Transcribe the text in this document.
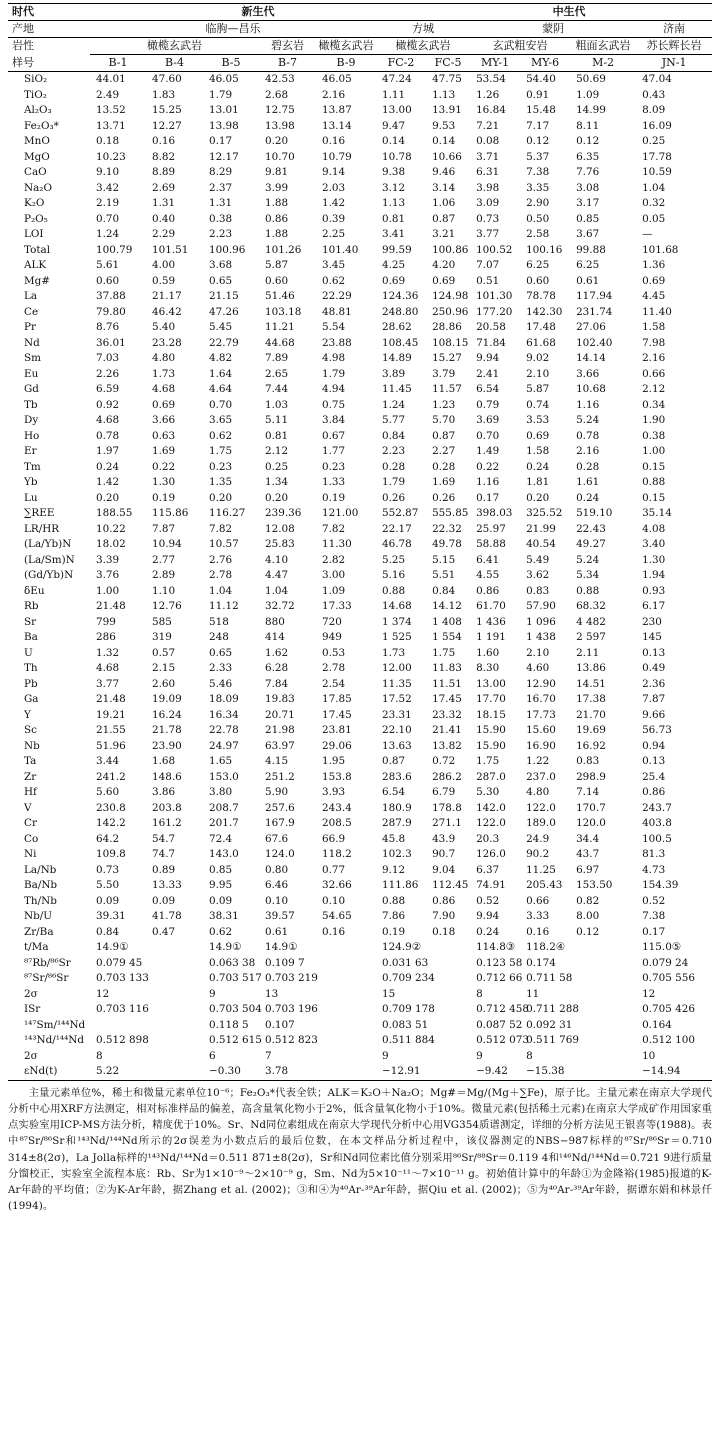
时代	新生代						中生代				
产地	临朐—昌乐					方城		蒙阴			济南
岩性	橄榄玄武岩			碧玄岩	橄榄玄武岩	橄榄玄武岩		玄武粗安岩		粗面玄武岩	苏长辉长岩
样号	B-1	B-4	B-5	B-7	B-9	FC-2	FC-5	MY-1	MY-6	M-2	JN-1
SiO₂	44.01	47.60	46.05	42.53	46.05	47.24	47.75	53.54	54.40	50.69	47.04
TiO₂	2.49	1.83	1.79	2.68	2.16	1.11	1.13	1.26	0.91	1.09	0.43
Al₂O₃	13.52	15.25	13.01	12.75	13.87	13.00	13.91	16.84	15.48	14.99	8.09
Fe₂O₃*	13.71	12.27	13.98	13.98	13.14	9.47	9.53	7.21	7.17	8.11	16.09
MnO	0.18	0.16	0.17	0.20	0.16	0.14	0.14	0.08	0.12	0.12	0.25
MgO	10.23	8.82	12.17	10.70	10.79	10.78	10.66	3.71	5.37	6.35	17.78
CaO	9.10	8.89	8.29	9.81	9.14	9.38	9.46	6.31	7.38	7.76	10.59
Na₂O	3.42	2.69	2.37	3.99	2.03	3.12	3.14	3.98	3.35	3.08	1.04
K₂O	2.19	1.31	1.31	1.88	1.42	1.13	1.06	3.09	2.90	3.17	0.32
P₂O₅	0.70	0.40	0.38	0.86	0.39	0.81	0.87	0.73	0.50	0.85	0.05
LOI	1.24	2.29	2.23	1.88	2.25	3.41	3.21	3.77	2.58	3.67	—
Total	100.79	101.51	100.96	101.26	101.40	99.59	100.86	100.52	100.16	99.88	101.68
ALK	5.61	4.00	3.68	5.87	3.45	4.25	4.20	7.07	6.25	6.25	1.36
Mg#	0.60	0.59	0.65	0.60	0.62	0.69	0.69	0.51	0.60	0.61	0.69
La	37.88	21.17	21.15	51.46	22.29	124.36	124.98	101.30	78.78	117.94	4.45
Ce	79.80	46.42	47.26	103.18	48.81	248.80	250.96	177.20	142.30	231.74	11.40
Pr	8.76	5.40	5.45	11.21	5.54	28.62	28.86	20.58	17.48	27.06	1.58
Nd	36.01	23.28	22.79	44.68	23.88	108.45	108.15	71.84	61.68	102.40	7.98
Sm	7.03	4.80	4.82	7.89	4.98	14.89	15.27	9.94	9.02	14.14	2.16
Eu	2.26	1.73	1.64	2.65	1.79	3.89	3.79	2.41	2.10	3.66	0.66
Gd	6.59	4.68	4.64	7.44	4.94	11.45	11.57	6.54	5.87	10.68	2.12
Tb	0.92	0.69	0.70	1.03	0.75	1.24	1.23	0.79	0.74	1.16	0.34
Dy	4.68	3.66	3.65	5.11	3.84	5.77	5.70	3.69	3.53	5.24	1.90
Ho	0.78	0.63	0.62	0.81	0.67	0.84	0.87	0.70	0.69	0.78	0.38
Er	1.97	1.69	1.75	2.12	1.77	2.23	2.27	1.49	1.58	2.16	1.00
Tm	0.24	0.22	0.23	0.25	0.23	0.28	0.28	0.22	0.24	0.28	0.15
Yb	1.42	1.30	1.35	1.34	1.33	1.79	1.69	1.16	1.81	1.61	0.88
Lu	0.20	0.19	0.20	0.20	0.19	0.26	0.26	0.17	0.20	0.24	0.15
∑REE	188.55	115.86	116.27	239.36	121.00	552.87	555.85	398.03	325.52	519.10	35.14
LR/HR	10.22	7.87	7.82	12.08	7.82	22.17	22.32	25.97	21.99	22.43	4.08
(La/Yb)N	18.02	10.94	10.57	25.83	11.30	46.78	49.78	58.88	40.54	49.27	3.40
(La/Sm)N	3.39	2.77	2.76	4.10	2.82	5.25	5.15	6.41	5.49	5.24	1.30
(Gd/Yb)N	3.76	2.89	2.78	4.47	3.00	5.16	5.51	4.55	3.62	5.34	1.94
δEu	1.00	1.10	1.04	1.04	1.09	0.88	0.84	0.86	0.83	0.88	0.93
Rb	21.48	12.76	11.12	32.72	17.33	14.68	14.12	61.70	57.90	68.32	6.17
Sr	799	585	518	880	720	1 374	1 408	1 436	1 096	4 482	230
Ba	286	319	248	414	949	1 525	1 554	1 191	1 438	2 597	145
U	1.32	0.57	0.65	1.62	0.53	1.73	1.75	1.60	2.10	2.11	0.13
Th	4.68	2.15	2.33	6.28	2.78	12.00	11.83	8.30	4.60	13.86	0.49
Pb	3.77	2.60	5.46	7.84	2.54	11.35	11.51	13.00	12.90	14.51	2.36
Ga	21.48	19.09	18.09	19.83	17.85	17.52	17.45	17.70	16.70	17.38	7.87
Y	19.21	16.24	16.34	20.71	17.45	23.31	23.32	18.15	17.73	21.70	9.66
Sc	21.55	21.78	22.78	21.98	23.81	22.10	21.41	15.90	15.60	19.69	56.73
Nb	51.96	23.90	24.97	63.97	29.06	13.63	13.82	15.90	16.90	16.92	0.94
Ta	3.44	1.68	1.65	4.15	1.95	0.87	0.72	1.75	1.22	0.83	0.13
Zr	241.2	148.6	153.0	251.2	153.8	283.6	286.2	287.0	237.0	298.9	25.4
Hf	5.60	3.86	3.80	5.90	3.93	6.54	6.79	5.30	4.80	7.14	0.86
V	230.8	203.8	208.7	257.6	243.4	180.9	178.8	142.0	122.0	170.7	243.7
Cr	142.2	161.2	201.7	167.9	208.5	287.9	271.1	122.0	189.0	120.0	403.8
Co	64.2	54.7	72.4	67.6	66.9	45.8	43.9	20.3	24.9	34.4	100.5
Ni	109.8	74.7	143.0	124.0	118.2	102.3	90.7	126.0	90.2	43.7	81.3
La/Nb	0.73	0.89	0.85	0.80	0.77	9.12	9.04	6.37	11.25	6.97	4.73
Ba/Nb	5.50	13.33	9.95	6.46	32.66	111.86	112.45	74.91	205.43	153.50	154.39
Th/Nb	0.09	0.09	0.09	0.10	0.10	0.88	0.86	0.52	0.66	0.82	0.52
Nb/U	39.31	41.78	38.31	39.57	54.65	7.86	7.90	9.94	3.33	8.00	7.38
Zr/Ba	0.84	0.47	0.62	0.61	0.16	0.19	0.18	0.24	0.16	0.12	0.17
t/Ma	14.9①		14.9①	14.9①		124.9②		114.8③	118.2④		115.0⑤
⁸⁷Rb/⁸⁶Sr	0.079 45		0.063 38	0.109 7		0.031 63		0.123 58	0.174		0.079 24
⁸⁷Sr/⁸⁶Sr	0.703 133		0.703 517	0.703 219		0.709 234		0.712 66	0.711 58		0.705 556
2σ	12		9	13		15		8	11		12
ISr	0.703 116		0.703 504	0.703 196		0.709 178		0.712 458	0.711 288		0.705 426
¹⁴⁷Sm/¹⁴⁴Nd			0.118 5	0.107		0.083 51		0.087 52	0.092 31		0.164
¹⁴³Nd/¹⁴⁴Nd	0.512 898		0.512 615	0.512 823		0.511 884		0.512 073	0.511 769		0.512 100
2σ	8		6	7		9		9	8		10
εNd(t)	5.22		−0.30	3.78		−12.91		−9.42	−15.38		−14.94
主量元素单位%，稀土和微量元素单位10⁻⁶；Fe₂O₃*代表全铁；ALK＝K₂O＋Na₂O；Mg#＝Mg/(Mg＋∑Fe)，原子比。主量元素在南京大学现代分析中心用XRF方法测定，相对标准样品的偏差，高含量氧化物小于2%，低含量氧化物小于10%。微量元素(包括稀土元素)在南京大学成矿作用国家重点实验室用ICP-MS方法分析，精度优于10%。Sr、Nd同位素组成在南京大学现代分析中心用VG354质谱测定，详细的分析方法见王银喜等(1988)。表中⁸⁷Sr/⁸⁶Sr和¹⁴³Nd/¹⁴⁴Nd所示的2σ误差为小数点后的最后位数，在本文样品分析过程中，该仪器测定的NBS−987标样的⁸⁷Sr/⁸⁶Sr＝0.710 314±8(2σ)，La Jolla标样的¹⁴³Nd/¹⁴⁴Nd＝0.511 871±8(2σ)，Sr和Nd同位素比值分别采用⁸⁶Sr/⁸⁸Sr＝0.119 4和¹⁴⁶Nd/¹⁴⁴Nd＝0.721 9进行质量分馏校正，实验室全流程本底：Rb、Sr为1×10⁻⁹～2×10⁻⁹ g，Sm、Nd为5×10⁻¹¹～7×10⁻¹¹ g。初始值计算中的年龄①为金隆裕(1985)报道的K-Ar年龄的平均值；②为K-Ar年龄，据Zhang et al. (2002)；③和④为⁴⁰Ar-³⁹Ar年龄，据Qiu et al. (2002)；⑤为⁴⁰Ar-³⁹Ar年龄，据谭东娟和林景仟(1994)。
